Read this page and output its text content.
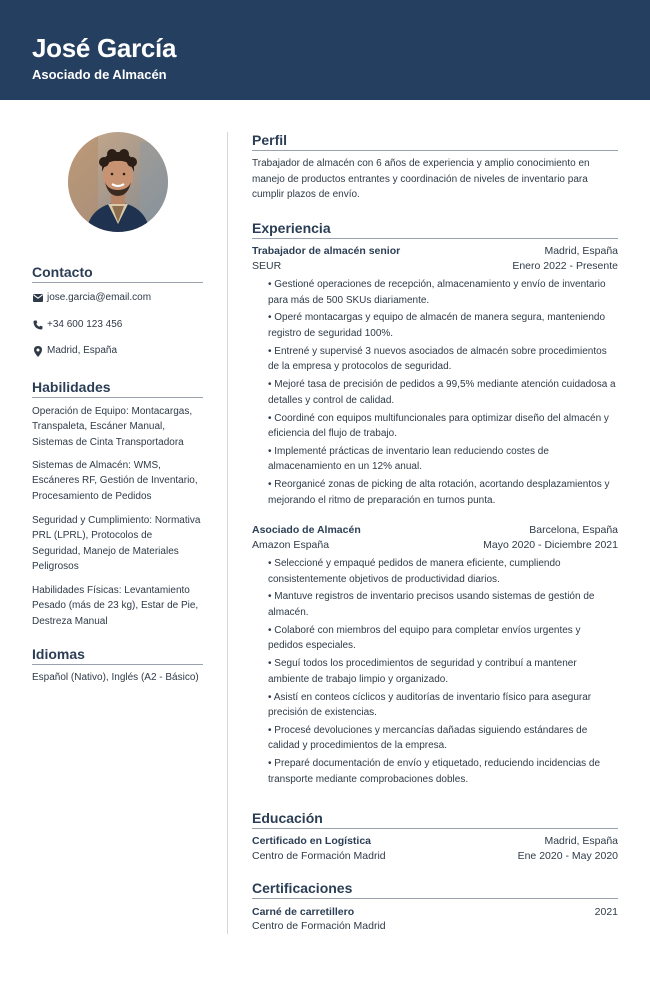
José García
Asociado de Almacén
Contacto
jose.garcia@email.com
+34 600 123 456
Madrid, España
Habilidades
Operación de Equipo: Montacargas, Transpaleta, Escáner Manual, Sistemas de Cinta Transportadora
Sistemas de Almacén: WMS, Escáneres RF, Gestión de Inventario, Procesamiento de Pedidos
Seguridad y Cumplimiento: Normativa PRL (LPRL), Protocolos de Seguridad, Manejo de Materiales Peligrosos
Habilidades Físicas: Levantamiento Pesado (más de 23 kg), Estar de Pie, Destreza Manual
Idiomas
Español (Nativo), Inglés (A2 - Básico)
Perfil
Trabajador de almacén con 6 años de experiencia y amplio conocimiento en manejo de productos entrantes y coordinación de niveles de inventario para cumplir plazos de envío.
Experiencia
Trabajador de almacén senior	Madrid, España
SEUR	Enero 2022 - Presente
• Gestioné operaciones de recepción, almacenamiento y envío de inventario para más de 500 SKUs diariamente.
• Operé montacargas y equipo de almacén de manera segura, manteniendo registro de seguridad 100%.
• Entrené y supervisé 3 nuevos asociados de almacén sobre procedimientos de la empresa y protocolos de seguridad.
• Mejoré tasa de precisión de pedidos a 99,5% mediante atención cuidadosa a detalles y control de calidad.
• Coordiné con equipos multifuncionales para optimizar diseño del almacén y eficiencia del flujo de trabajo.
• Implementé prácticas de inventario lean reduciendo costes de almacenamiento en un 12% anual.
• Reorganicé zonas de picking de alta rotación, acortando desplazamientos y mejorando el ritmo de preparación en turnos punta.
Asociado de Almacén	Barcelona, España
Amazon España	Mayo 2020 - Diciembre 2021
• Seleccioné y empaqué pedidos de manera eficiente, cumpliendo consistentemente objetivos de productividad diarios.
• Mantuve registros de inventario precisos usando sistemas de gestión de almacén.
• Colaboré con miembros del equipo para completar envíos urgentes y pedidos especiales.
• Seguí todos los procedimientos de seguridad y contribuí a mantener ambiente de trabajo limpio y organizado.
• Asistí en conteos cíclicos y auditorías de inventario físico para asegurar precisión de existencias.
• Procesé devoluciones y mercancías dañadas siguiendo estándares de calidad y procedimientos de la empresa.
• Preparé documentación de envío y etiquetado, reduciendo incidencias de transporte mediante comprobaciones dobles.
Educación
Certificado en Logística	Madrid, España
Centro de Formación Madrid	Ene 2020 - May 2020
Certificaciones
Carné de carretillero	2021
Centro de Formación Madrid
